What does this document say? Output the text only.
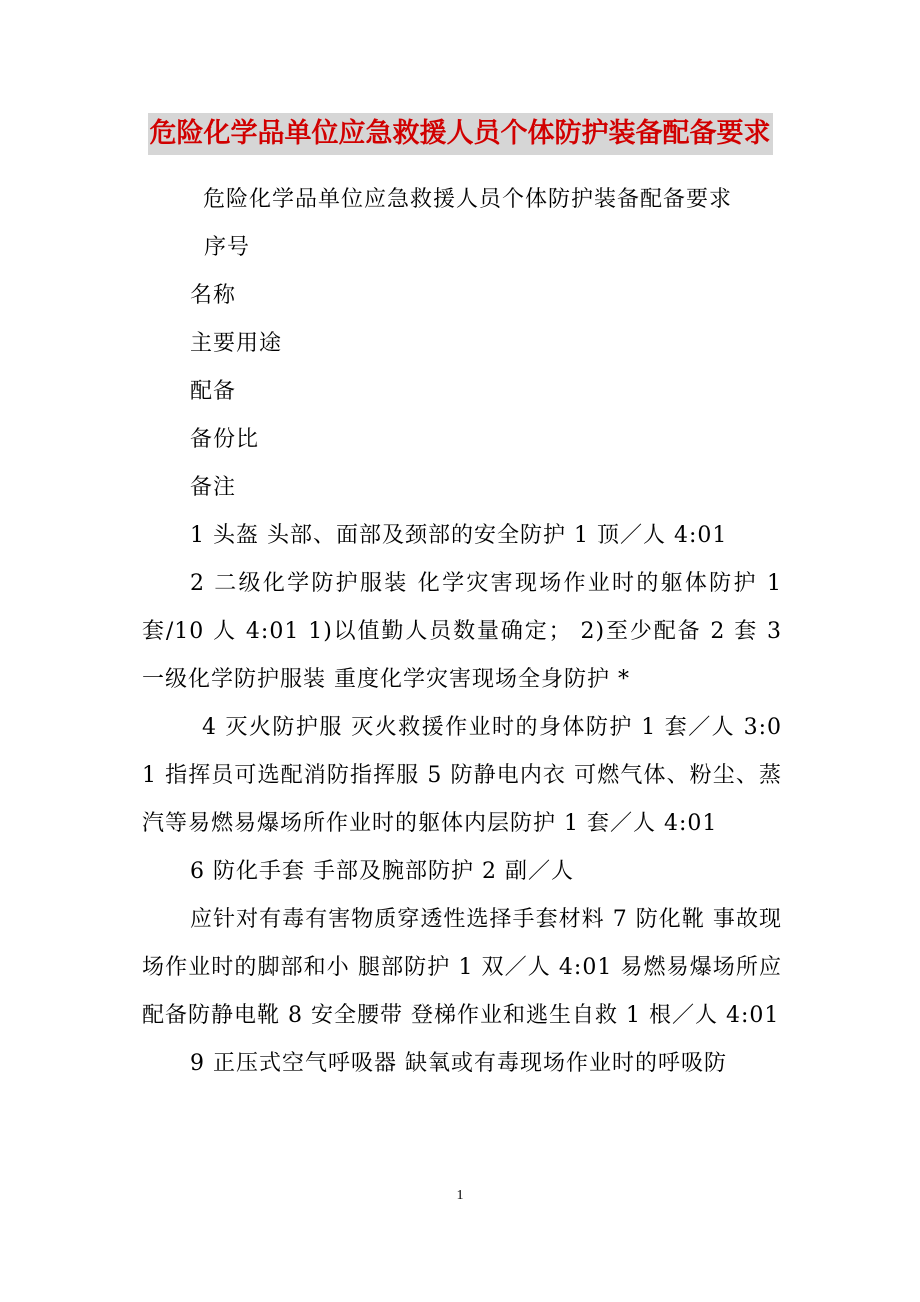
危险化学品单位应急救援人员个体防护装备配备要求

危险化学品单位应急救援人员个体防护装备配备要求

序号

名称

主要用途

配备

备份比

备注

1 头盔 头部、面部及颈部的安全防护 1 顶／人 4:01

2 二级化学防护服装 化学灾害现场作业时的躯体防护 1 套/10 人 4:01 1)以值勤人员数量确定； 2)至少配备 2 套 3 一级化学防护服装 重度化学灾害现场全身防护 *

4 灭火防护服 灭火救援作业时的身体防护 1 套／人 3:01 指挥员可选配消防指挥服 5 防静电内衣 可燃气体、粉尘、蒸汽等易燃易爆场所作业时的躯体内层防护 1 套／人 4:01

6 防化手套 手部及腕部防护 2 副／人

应针对有毒有害物质穿透性选择手套材料 7 防化靴 事故现场作业时的脚部和小 腿部防护 1 双／人 4:01 易燃易爆场所应配备防静电靴 8 安全腰带 登梯作业和逃生自救 1 根／人 4:01

9 正压式空气呼吸器 缺氧或有毒现场作业时的呼吸防

1
